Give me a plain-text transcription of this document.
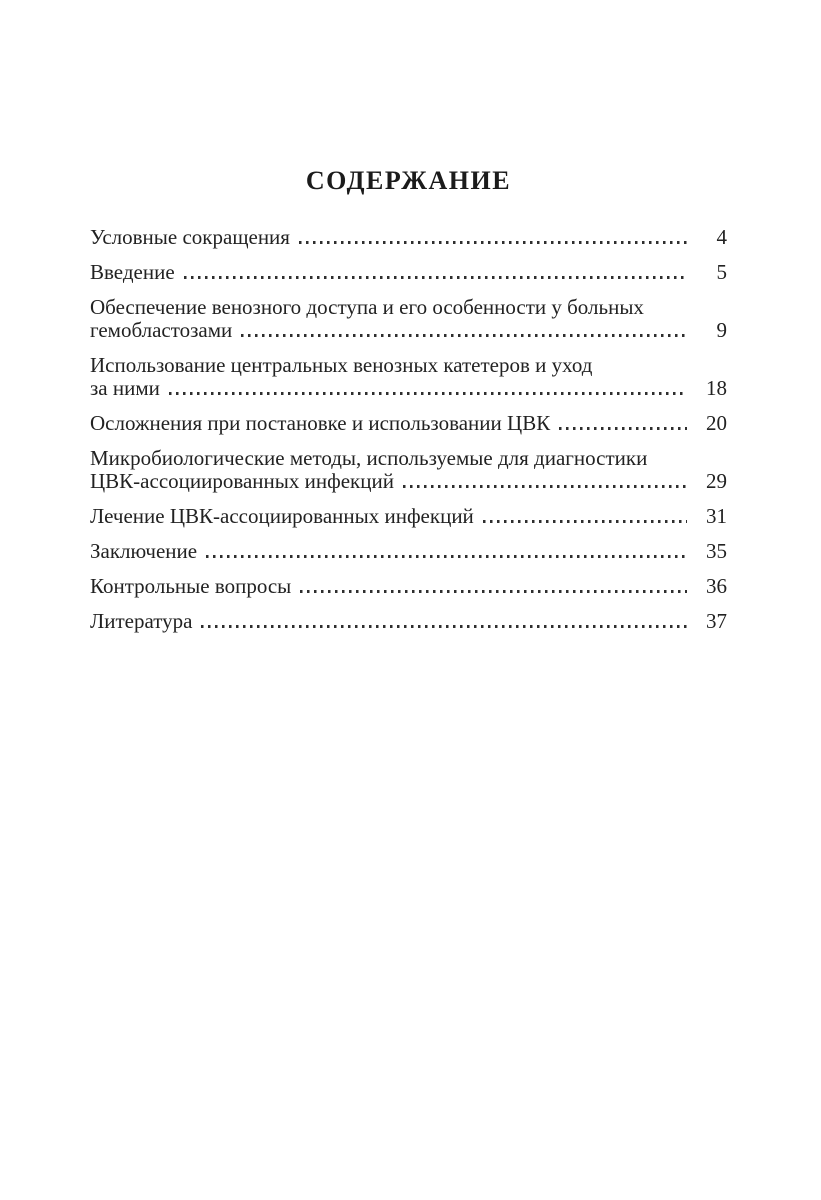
СОДЕРЖАНИЕ
Условные сокращения	4
Введение	5
Обеспечение венозного доступа и его особенности у больных
гемобластозами	9
Использование центральных венозных катетеров и уход
за ними	18
Осложнения при постановке и использовании ЦВК	20
Микробиологические методы, используемые для диагностики
ЦВК-ассоциированных инфекций	29
Лечение ЦВК-ассоциированных инфекций	31
Заключение	35
Контрольные вопросы	36
Литература	37
